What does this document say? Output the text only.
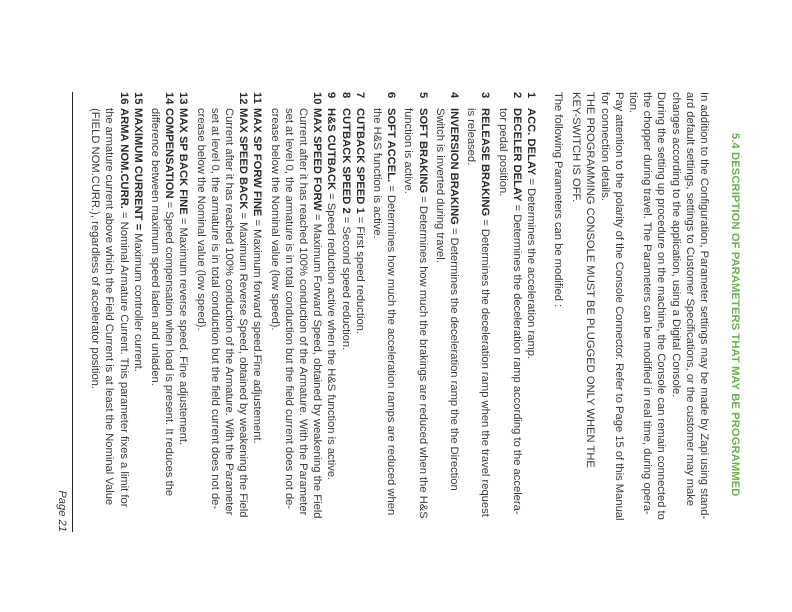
5.4 DESCRIPTION OF PARAMETERS THAT MAY BE PROGRAMMED
In addition to the Configuration, Parameter settings may be made by Zapi using stand-
ard default settings, settings to Customer Specifications, or the customer may make
changes according to the application, using a Digital Console.
During the setting up procedure on the machine, the Console can remain connected to
the chopper during travel. The Parameters can be modified in real time, during opera-
tion.
Pay attention to the polarity of the Console Connector. Refer to Page 15 of this Manual
for connection details.
THE PROGRAMMING CONSOLE MUST BE PLUGGED ONLY WHEN THE
KEY-SWITCH IS OFF.
The following Parameters can be modified :
1
ACC. DELAY = Determines the acceleration ramp.
2
DECELER DELAY = Determines the deceleration ramp according to the accelera-
tor pedal position.
3
RELEASE BRAKING = Determines the deceleration ramp when the travel request
is released.
4
INVERSION BRAKING = Determines the deceleration ramp the the Direction
Switch is inverted during travel.
5
SOFT BRAKING = Determines how much the brakings are reduced when the H&S
function is active.
6
SOFT ACCEL. = Determines how much the acceleration ramps are reduced when
the H&S function is active.
7
CUTBACK SPEED 1 = First speed reduction.
8
CUTBACK SPEED 2 = Second speed reduction.
9
H&S CUTBACK = Speed reduction active when the H&S function is active.
10
MAX SPEED FORW = Maximum Forward Speed, obtained by weakening the Field
Current after it has reached 100% conduction of the Armature. With the Parameter
set at level 0, the armature is in total conduction but the field current does not de-
crease below the Nominal value (low speed).
11
MAX SP FORW FINE = Maximum forward speed.Fine adjustement.
12
MAX SPEED BACK = Maximum Reverse Speed, obtained by weakening the Field
Current after it has reached 100% conduction of the Armature. With the Parameter
set at level 0, the armature is in total conduction but the field current does not de-
crease below the Nominal value (low speed).
13
MAX SP BACK FINE = Maximum reverse speed. Fine adjustement.
14
COMPENSATION = Speed compensation when load is present. It reduces the
difference between maximum speed laden and unladen.
15
MAXIMUM CURRENT = Maximum controller current.
16
ARMA NOM.CURR. = Nominal Armature Current. This parameter fixes a limit for
the armature current above which the Field Current is at least the Nominal Value
(FIELD NOM.CURR.), regardless of accelerator position.
Page 21
